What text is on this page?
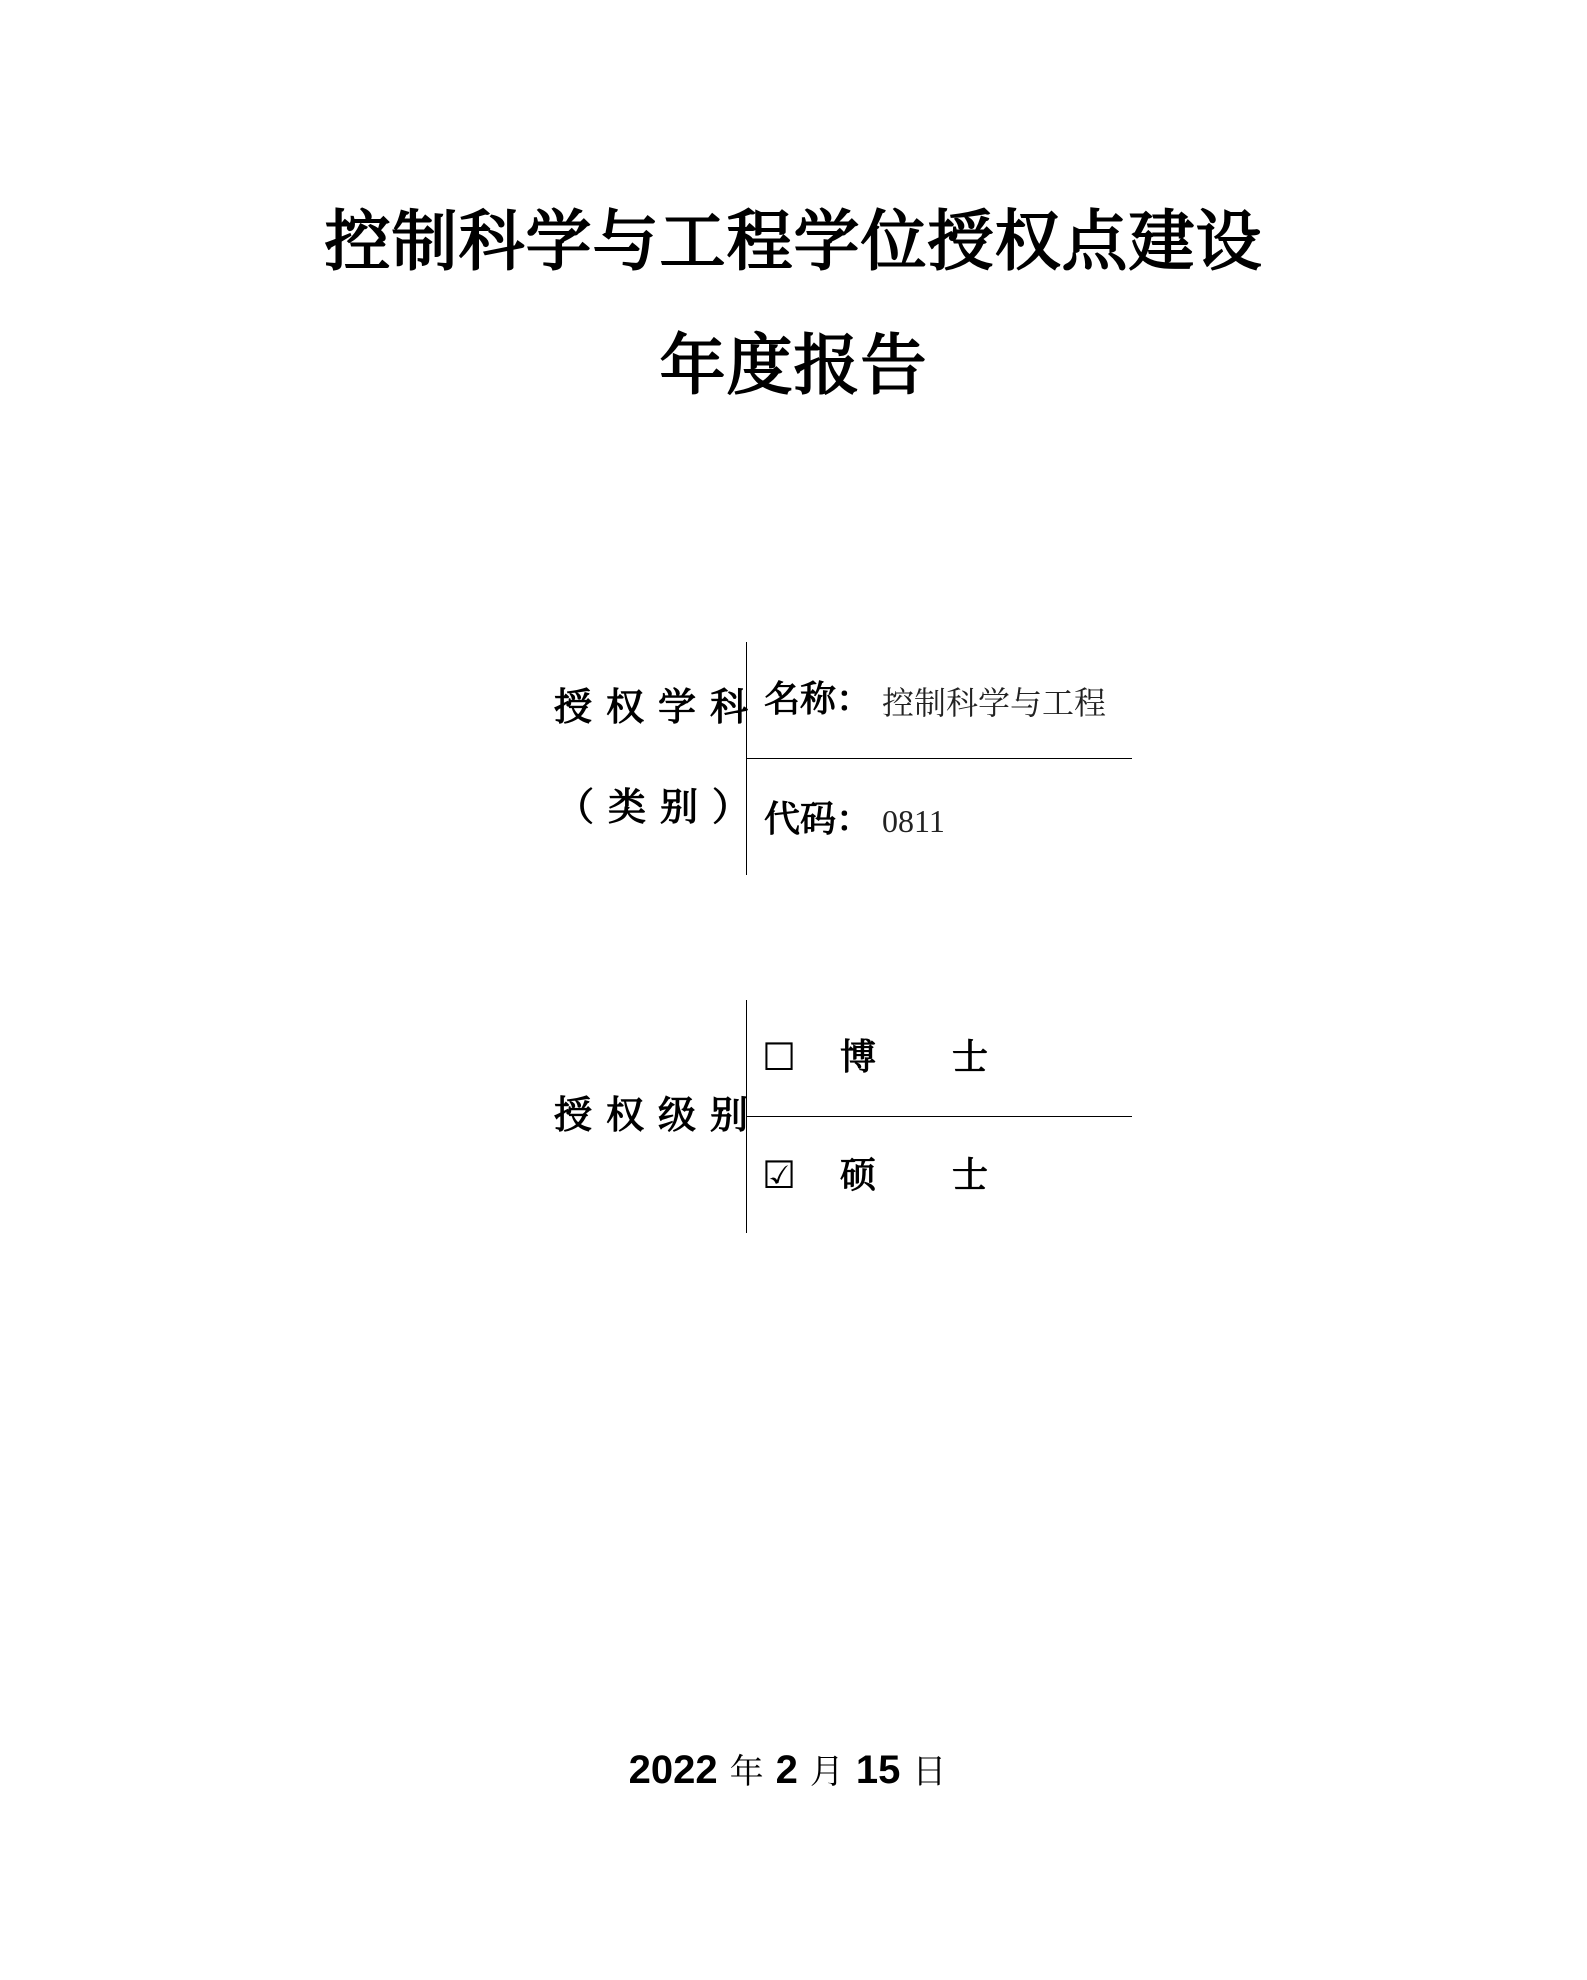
控制科学与工程学位授权点建设
年度报告
授权学科
（类别）
名称： 控制科学与工程
代码： 0811
授权级别
☐ 博　士
☑ 硕　士
2022 年 2 月 15 日
